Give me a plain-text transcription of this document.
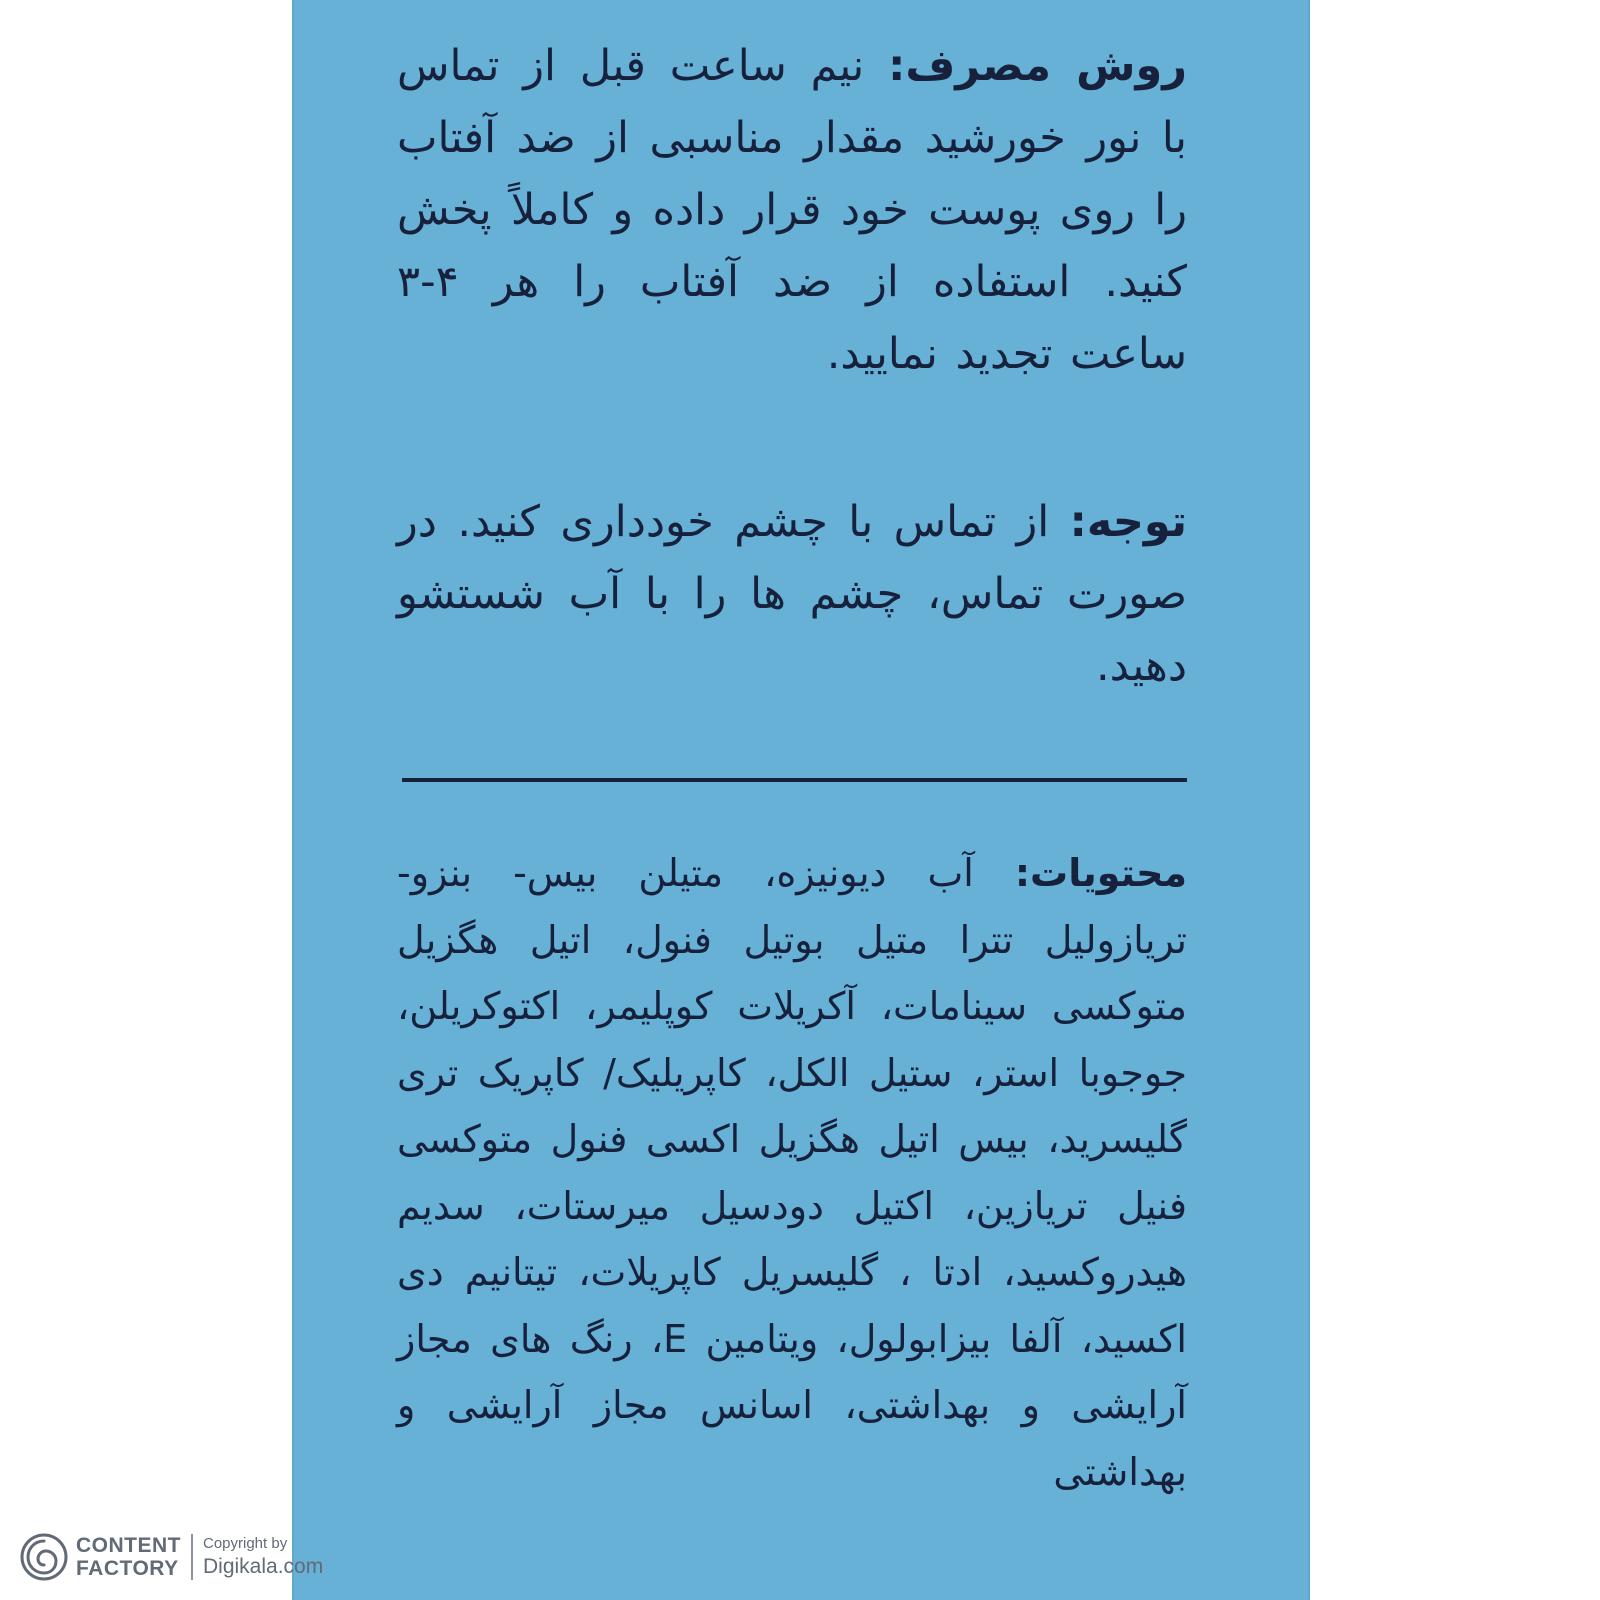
روش مصرف: نیم ساعت قبل از تماس با نور خورشید مقدار مناسبی از ضد آفتاب را روی پوست خود قرار داده و کاملاً پخش کنید. استفاده از ضد آفتاب را هر ۴-۳ ساعت تجدید نمایید.
توجه: از تماس با چشم خودداری کنید. در صورت تماس، چشم ها را با آب شستشو دهید.
محتویات: آب دیونیزه، متیلن بیس- بنزو- تریازولیل تترا متیل بوتیل فنول، اتیل هگزیل متوکسی سینامات، آکریلات کوپلیمر، اکتوکریلن، جوجوبا استر، ستیل الکل، کاپریلیک/ کاپریک تری گلیسرید، بیس اتیل هگزیل اکسی فنول متوکسی فنیل تریازین، اکتیل دودسیل میرستات، سدیم هیدروکسید، ادتا ، گلیسریل کاپریلات، تیتانیم دی اکسید، آلفا بیزابولول، ویتامین E، رنگ های مجاز آرایشی و بهداشتی، اسانس مجاز آرایشی و بهداشتی
CONTENT
FACTORY
Copyright by
Digikala.com
